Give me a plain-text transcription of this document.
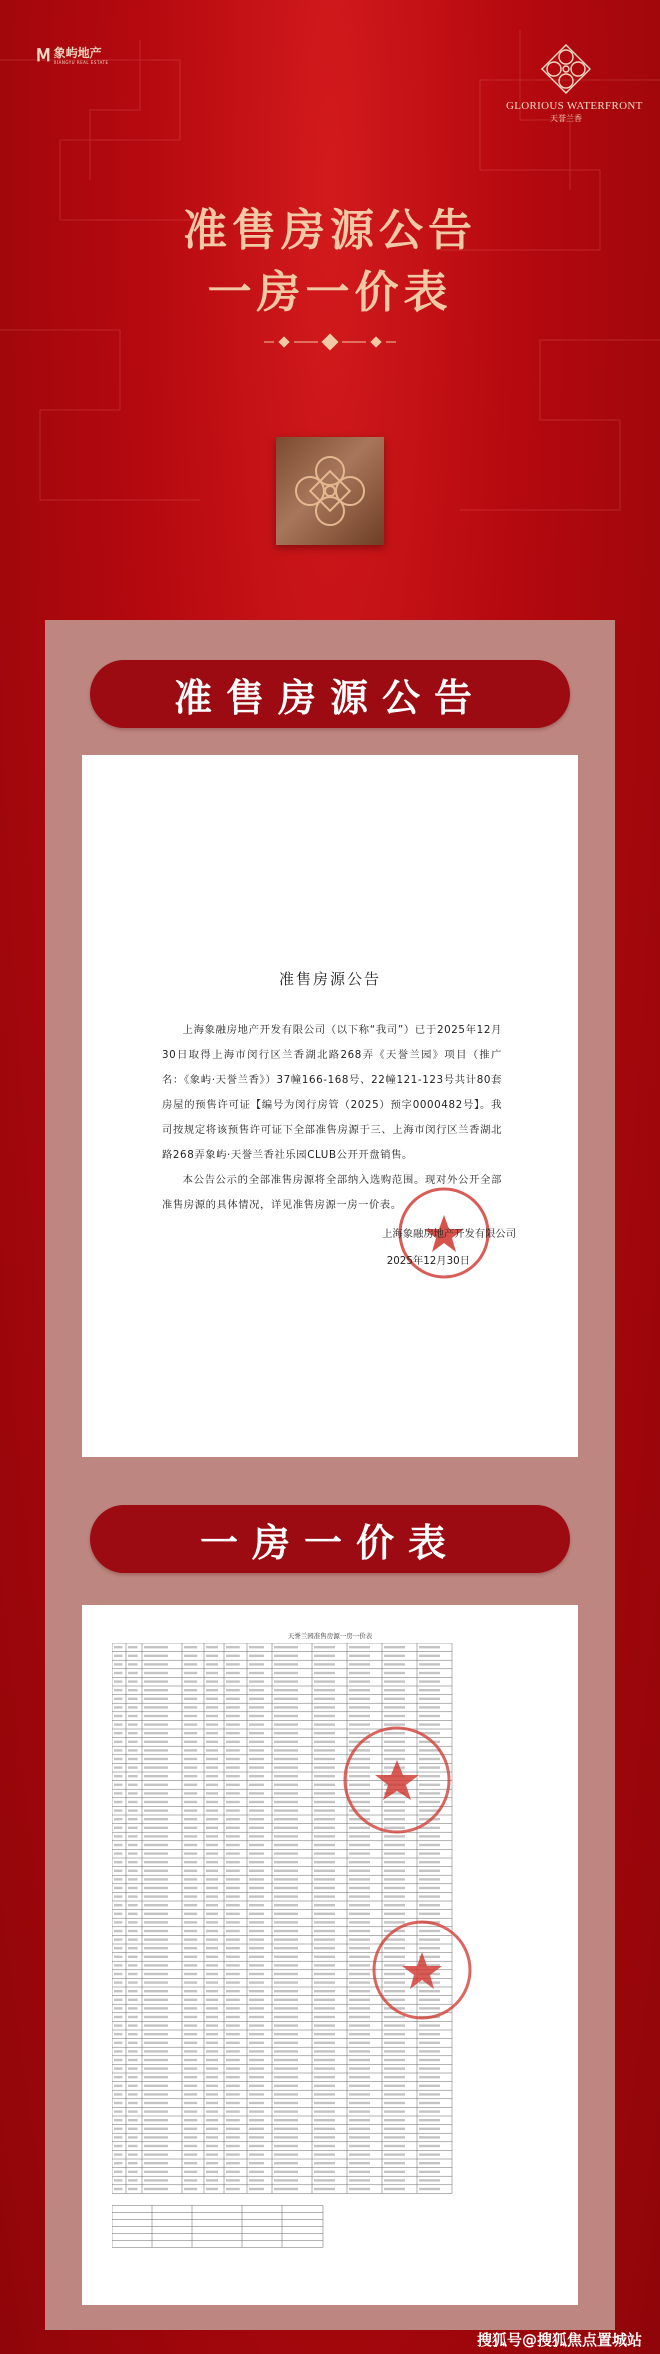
𝖬 象屿地产
XIANGYU REAL ESTATE
GLORIOUS WATERFRONT
天誉兰香
准售房源公告
一房一价表
准售房源公告
准售房源公告

上海象融房地产开发有限公司（以下称“我司”）已于2025年12月30日取得上海市闵行区兰香湖北路268弄《天誉兰园》项目（推广名：《象屿·天誉兰香》）37幢166-168号、22幢121-123号共计80套房屋的预售许可证【编号为闵行房管（2025）预字0000482号】。我司按规定将该预售许可证下全部准售房源于三、上海市闵行区兰香湖北路268弄象屿·天誉兰香社乐园CLUB公开开盘销售。

本公告公示的全部准售房源将全部纳入选购范围。现对外公开全部准售房源的具体情况，详见准售房源一房一价表。

上海象融房地产开发有限公司
2025年12月30日
一房一价表
天誉兰园准售房源一房一价表
搜狐号@搜狐焦点置城站
